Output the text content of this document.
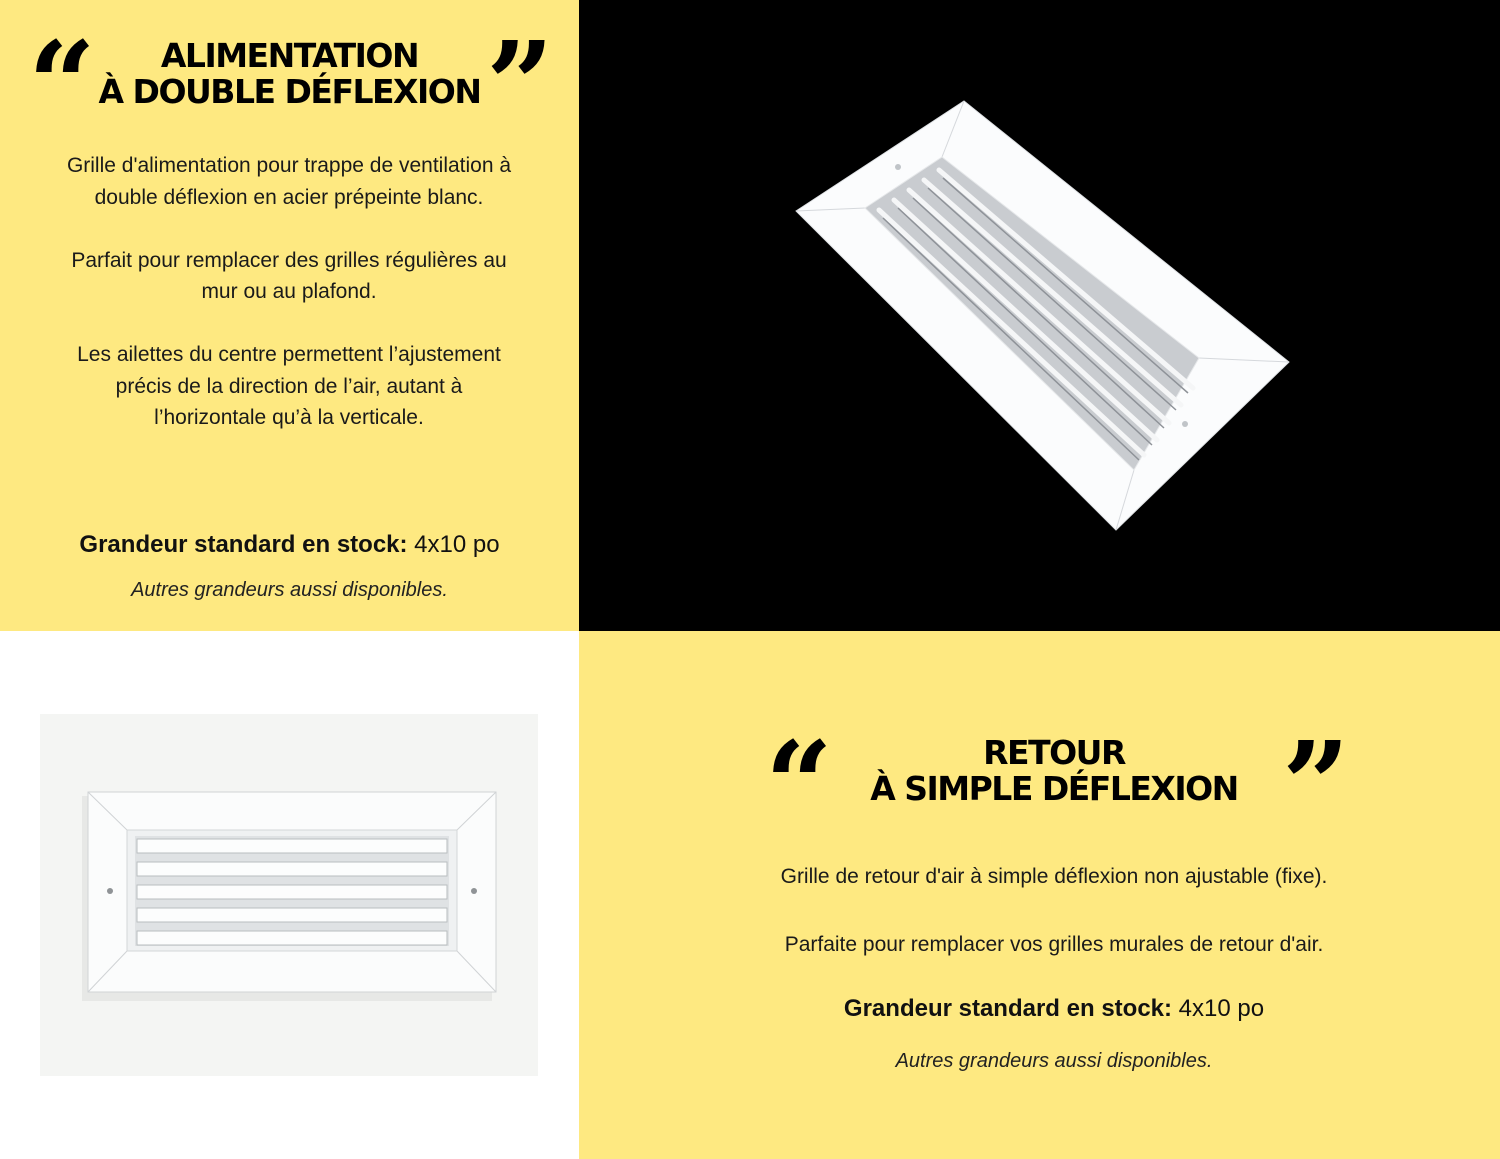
“	ALIMENTATION
À DOUBLE DÉFLEXION ”

Grille d'alimentation pour trappe de ventilation à double déflexion en acier prépeinte blanc.

Parfait pour remplacer des grilles régulières au mur ou au plafond.

Les ailettes du centre permettent l’ajustement précis de la direction de l’air, autant à l’horizontale qu’à la verticale.

Grandeur standard en stock: 4x10 po
Autres grandeurs aussi disponibles.
“	RETOUR
À SIMPLE DÉFLEXION ”

Grille de retour d'air à simple déflexion non ajustable (fixe).

Parfaite pour remplacer vos grilles murales de retour d'air.

Grandeur standard en stock: 4x10 po
Autres grandeurs aussi disponibles.
